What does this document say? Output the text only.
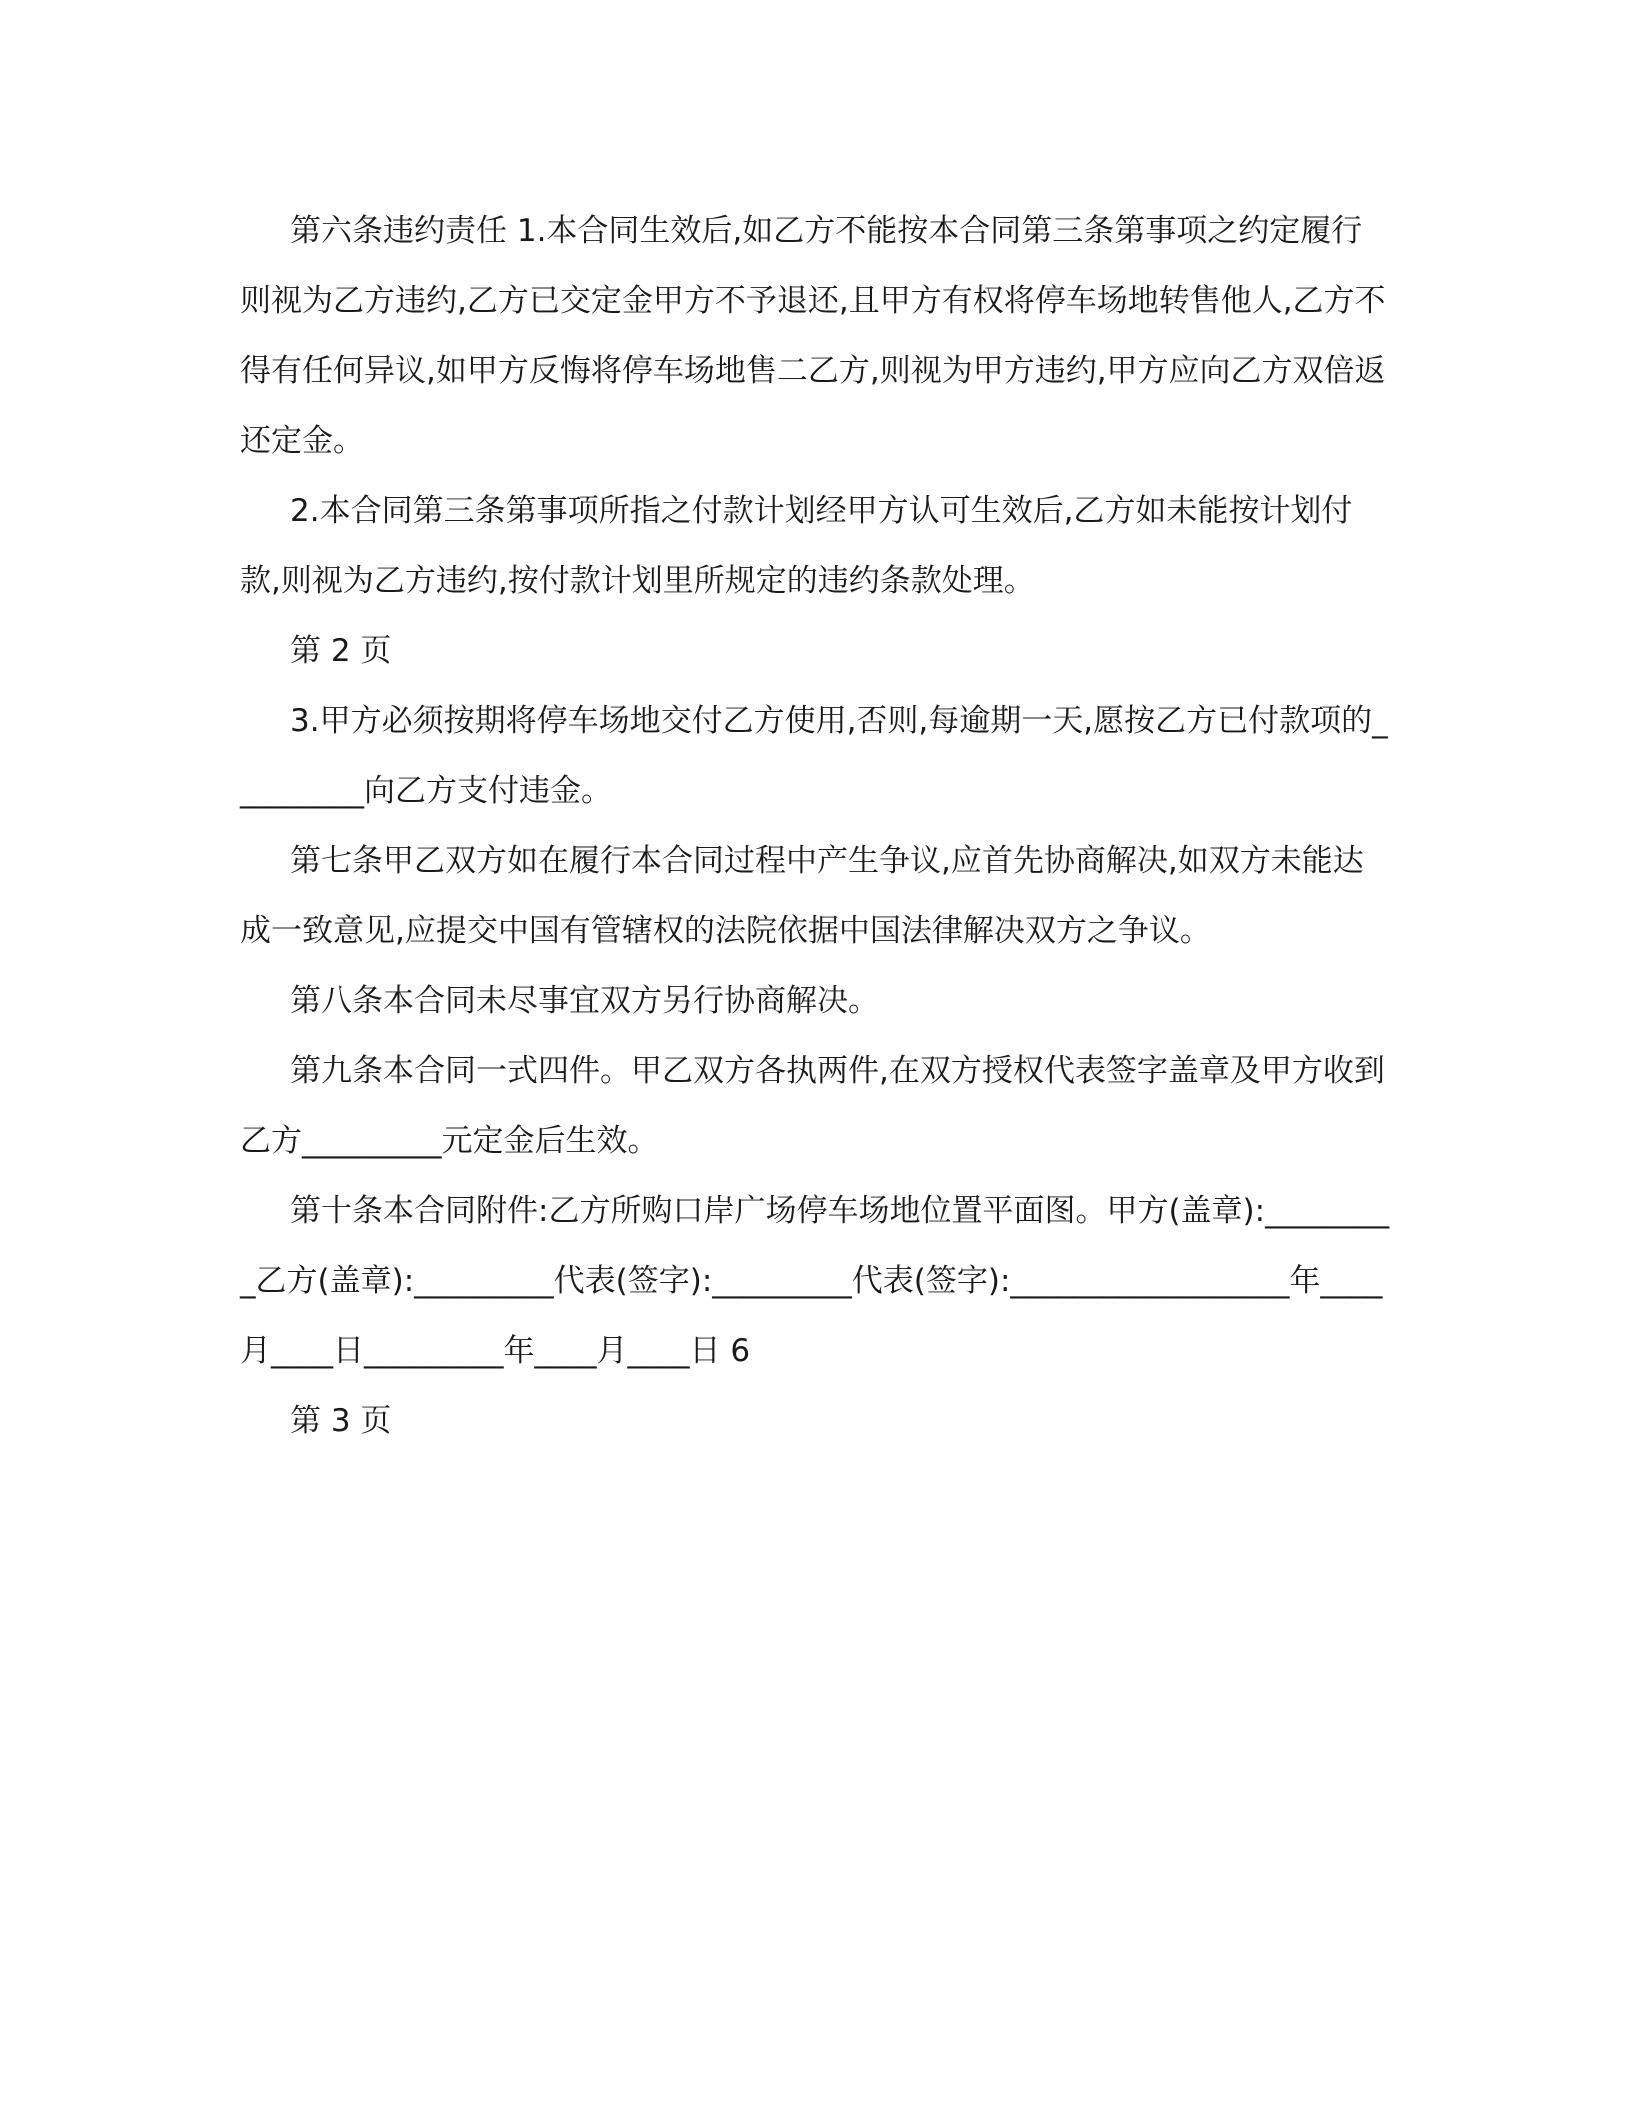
第六条违约责任 1.本合同生效后,如乙方不能按本合同第三条第事项之约定履行则视为乙方违约,乙方已交定金甲方不予退还,且甲方有权将停车场地转售他人,乙方不得有任何异议,如甲方反悔将停车场地售二乙方,则视为甲方违约,甲方应向乙方双倍返还定金。

2.本合同第三条第事项所指之付款计划经甲方认可生效后,乙方如未能按计划付款,则视为乙方违约,按付款计划里所规定的违约条款处理。

第 2 页

3.甲方必须按期将停车场地交付乙方使用,否则,每逾期一天,愿按乙方已付款项的_________向乙方支付违金。

第七条甲乙双方如在履行本合同过程中产生争议,应首先协商解决,如双方未能达成一致意见,应提交中国有管辖权的法院依据中国法律解决双方之争议。

第八条本合同未尽事宜双方另行协商解决。

第九条本合同一式四件。甲乙双方各执两件,在双方授权代表签字盖章及甲方收到乙方_________元定金后生效。

第十条本合同附件:乙方所购口岸广场停车场地位置平面图。甲方(盖章):_________乙方(盖章):_________代表(签字):_________代表(签字):__________________年____月____日_________年____月____日 6

第 3 页
